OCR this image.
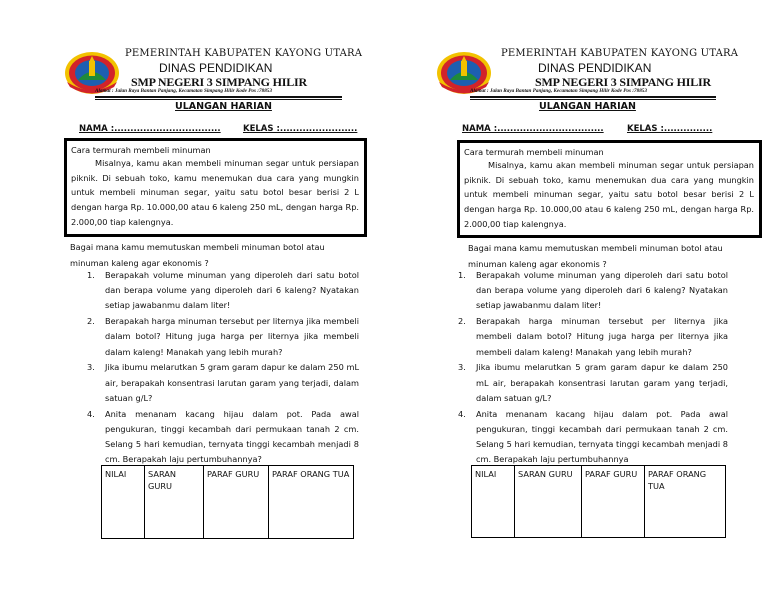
PEMERINTAH KABUPATEN KAYONG UTARA
DINAS PENDIDIKAN
SMP NEGERI 3 SIMPANG HILIR
Alamat : Jalan Raya Bantan Panjang, Kecamatan Simpang Hilir Kode Pos :78853
ULANGAN HARIAN
NAMA :.................................	KELAS :........................
Cara termurah membeli minuman
Misalnya, kamu akan membeli minuman segar untuk persiapan piknik. Di sebuah toko, kamu menemukan dua cara yang mungkin untuk membeli minuman segar, yaitu satu botol besar berisi 2 L dengan harga Rp. 10.000,00 atau 6 kaleng 250 mL, dengan harga Rp. 2.000,00 tiap kalengnya.
Bagai mana kamu memutuskan membeli minuman botol atau minuman kaleng agar ekonomis ?
1. Berapakah volume minuman yang diperoleh dari satu botol dan berapa volume yang diperoleh dari 6 kaleng? Nyatakan setiap jawabanmu dalam liter!
2. Berapakah harga minuman tersebut per liternya jika membeli dalam botol? Hitung juga harga per liternya jika membeli dalam kaleng! Manakah yang lebih murah?
3. Jika ibumu melarutkan 5 gram garam dapur ke dalam 250 mL air, berapakah konsentrasi larutan garam yang terjadi, dalam satuan g/L?
4. Anita menanam kacang hijau dalam pot. Pada awal pengukuran, tinggi kecambah dari permukaan tanah 2 cm. Selang 5 hari kemudian, ternyata tinggi kecambah menjadi 8 cm. Berapakah laju pertumbuhannya?
NILAI	SARAN GURU	PARAF GURU	PARAF ORANG TUA
PEMERINTAH KABUPATEN KAYONG UTARA
DINAS PENDIDIKAN
SMP NEGERI 3 SIMPANG HILIR
Alamat : Jalan Raya Bantan Panjang, Kecamatan Simpang Hilir Kode Pos :78853
ULANGAN HARIAN
NAMA :.................................	KELAS :...............
Cara termurah membeli minuman
Misalnya, kamu akan membeli minuman segar untuk persiapan piknik. Di sebuah toko, kamu menemukan dua cara yang mungkin untuk membeli minuman segar, yaitu satu botol besar berisi 2 L dengan harga Rp. 10.000,00 atau 6 kaleng 250 mL, dengan harga Rp. 2.000,00 tiap kalengnya.
Bagai mana kamu memutuskan membeli minuman botol atau minuman kaleng agar ekonomis ?
1. Berapakah volume minuman yang diperoleh dari satu botol dan berapa volume yang diperoleh dari 6 kaleng? Nyatakan setiap jawabanmu dalam liter!
2. Berapakah harga minuman tersebut per liternya jika membeli dalam botol? Hitung juga harga per liternya jika membeli dalam kaleng! Manakah yang lebih murah?
3. Jika ibumu melarutkan 5 gram garam dapur ke dalam 250 mL air, berapakah konsentrasi larutan garam yang terjadi, dalam satuan g/L?
4. Anita menanam kacang hijau dalam pot. Pada awal pengukuran, tinggi kecambah dari permukaan tanah 2 cm. Selang 5 hari kemudian, ternyata tinggi kecambah menjadi 8 cm. Berapakah laju pertumbuhannya
NILAI	SARAN GURU	PARAF GURU	PARAF ORANG TUA
